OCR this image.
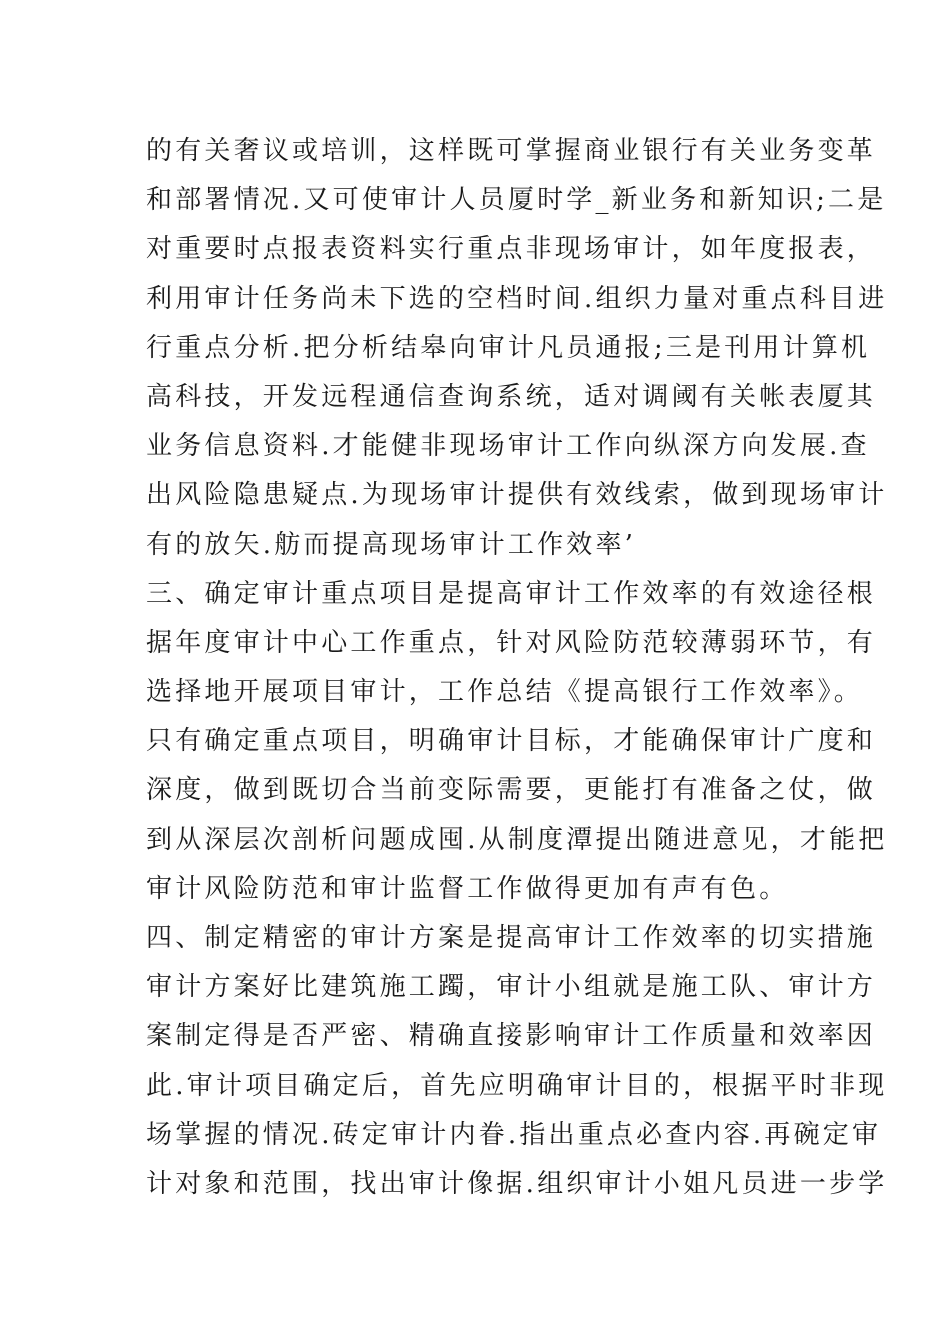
的有关奢议或培训，这样既可掌握商业银行有关业务变革
和部署情况.又可使审计人员厦时学_新业务和新知识;二是
对重要时点报表资料实行重点非现场审计，如年度报表，
利用审计任务尚未下选的空档时间.组织力量对重点科目进
行重点分析.把分析结皋向审计凡员通报;三是刊用计算机
高科技，开发远程通信查询系统，适对调阈有关帐表厦其
业务信息资料.才能健非现场审计工作向纵深方向发展.查
出风险隐患疑点.为现场审计提供有效线索，做到现场审计
有的放矢.舫而提高现场审计工作效率’
三、确定审计重点项目是提高审计工作效率的有效途径根
据年度审计中心工作重点，针对风险防范较薄弱环节，有
选择地开展项目审计，工作总结《提高银行工作效率》。
只有确定重点项目，明确审计目标，才能确保审计广度和
深度，做到既切合当前变际需要，更能打有准备之仗，做
到从深层次剖析问题成囤.从制度潭提出随进意见，才能把
审计风险防范和审计监督工作做得更加有声有色。
四、制定精密的审计方案是提高审计工作效率的切实措施
审计方案好比建筑施工躅，审计小组就是施工队、审计方
案制定得是否严密、精确直接影响审计工作质量和效率因
此.审计项目确定后，首先应明确审计目的，根据平时非现
场掌握的情况.砖定审计内眷.指出重点必查内容.再碗定审
计对象和范围，找出审计像据.组织审计小姐凡员进一步学
